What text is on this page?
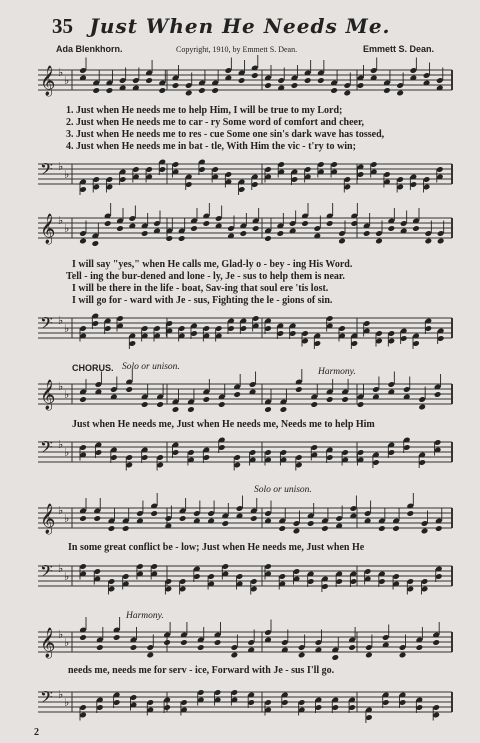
35 Just When He Needs Me.
Ada Blenkhorn.	Copyright, 1910, by Emmett S. Dean.	Emmett S. Dean.
𝄞 ♭
♭
1. Just when He needs me to help Him, I will be true to my Lord;
2. Just when He needs me to car - ry Some word of comfort and cheer,
3. Just when He needs me to res - cue Some one sin's dark wave has tossed,
4. Just when He needs me in bat - tle, With Him the vic - t'ry to win;
𝄢 ♭
♭
𝄞 ♭
♭
I will say "yes," when He calls me, Glad-ly o - bey - ing His Word.
Tell - ing the bur-dened and lone - ly, Je - sus to help them is near.
I will be there in the life - boat, Sav-ing that soul ere 'tis lost.
I will go for - ward with Je - sus, Fighting the le - gions of sin.
𝄢 ♭
♭
CHORUS. Solo or unison.	Harmony.
𝄞 ♭
♭
Just when He needs me, Just when He needs me, Needs me to help Him
𝄢 ♭
♭
Solo or unison.
𝄞 ♭
♭
In some great conflict be - low; Just when He needs me, Just when He
𝄢 ♭
♭
Harmony.
𝄞 ♭
♭
needs me, needs me for serv - ice, Forward with Je - sus I'll go.
𝄢 ♭
♭
2
